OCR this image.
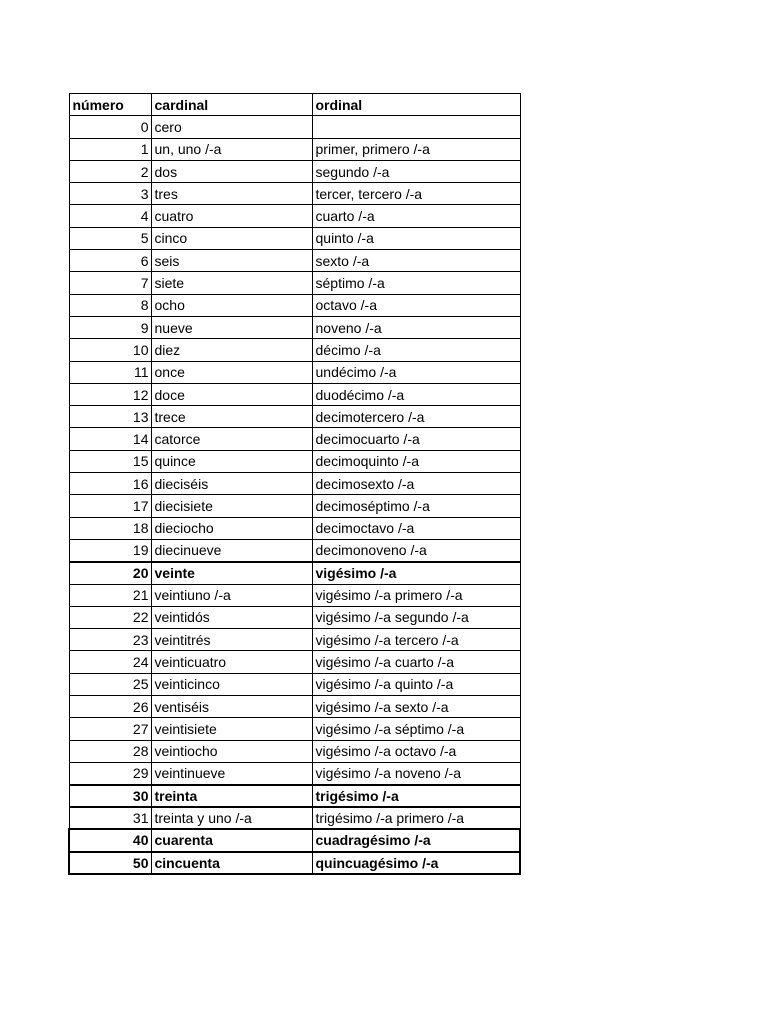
número	cardinal	ordinal
0	cero	
1	un, uno /-a	primer, primero /-a
2	dos	segundo /-a
3	tres	tercer, tercero /-a
4	cuatro	cuarto /-a
5	cinco	quinto /-a
6	seis	sexto /-a
7	siete	séptimo /-a
8	ocho	octavo /-a
9	nueve	noveno /-a
10	diez	décimo /-a
11	once	undécimo /-a
12	doce	duodécimo /-a
13	trece	decimotercero /-a
14	catorce	decimocuarto /-a
15	quince	decimoquinto /-a
16	dieciséis	decimosexto /-a
17	diecisiete	decimoséptimo /-a
18	dieciocho	decimoctavo /-a
19	diecinueve	decimonoveno /-a
20	veinte	vigésimo /-a
21	veintiuno /-a	vigésimo /-a primero /-a
22	veintidós	vigésimo /-a segundo /-a
23	veintitrés	vigésimo /-a tercero /-a
24	veinticuatro	vigésimo /-a cuarto /-a
25	veinticinco	vigésimo /-a quinto /-a
26	ventiséis	vigésimo /-a sexto /-a
27	veintisiete	vigésimo /-a séptimo /-a
28	veintiocho	vigésimo /-a octavo /-a
29	veintinueve	vigésimo /-a noveno /-a
30	treinta	trigésimo /-a
31	treinta y uno /-a	trigésimo /-a primero /-a
40	cuarenta	cuadragésimo /-a
50	cincuenta	quincuagésimo /-a
